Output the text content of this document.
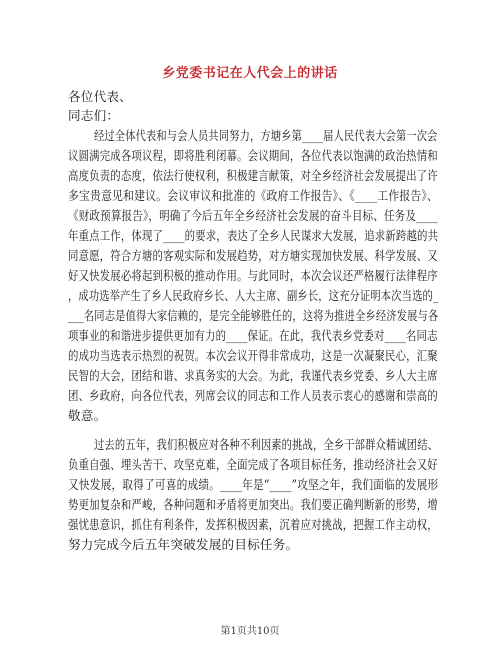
乡党委书记在人代会上的讲话
各位代表、
同志们：
经过全体代表和与会人员共同努力，方塘乡第____届人民代表大会第一次会
议圆满完成各项议程，即将胜利闭幕。会议期间，各位代表以饱满的政治热情和
高度负责的态度，依法行使权利，积极建言献策，对全乡经济社会发展提出了许
多宝贵意见和建议。会议审议和批准的《政府工作报告》、《____工作报告》、
《财政预算报告》，明确了今后五年全乡经济社会发展的奋斗目标、任务及____
年重点工作，体现了____的要求，表达了全乡人民谋求大发展，追求新跨越的共
同意愿，符合方塘的客观实际和发展趋势，对方塘实现加快发展、科学发展、又
好又快发展必将起到积极的推动作用。与此同时，本次会议还严格履行法律程序
，成功选举产生了乡人民政府乡长、人大主席、副乡长，这充分证明本次当选的_
___名同志是值得大家信赖的，是完全能够胜任的，这将为推进全乡经济发展与各
项事业的和谐进步提供更加有力的____保证。在此，我代表乡党委对____名同志
的成功当选表示热烈的祝贺。本次会议开得非常成功，这是一次凝聚民心，汇聚
民智的大会，团结和谐、求真务实的大会。为此，我谨代表乡党委、乡人大主席
团、乡政府，向各位代表，列席会议的同志和工作人员表示衷心的感谢和崇高的
敬意。
过去的五年，我们积极应对各种不利因素的挑战，全乡干部群众精诚团结、
负重自强、埋头苦干、攻坚克难，全面完成了各项目标任务，推动经济社会又好
又快发展，取得了可喜的成绩。____年是“____”攻坚之年，我们面临的发展形
势更加复杂和严峻，各种问题和矛盾将更加突出。我们要正确判断新的形势，增
强忧患意识，抓住有利条件，发挥积极因素，沉着应对挑战，把握工作主动权，
努力完成今后五年突破发展的目标任务。
第1页共10页
